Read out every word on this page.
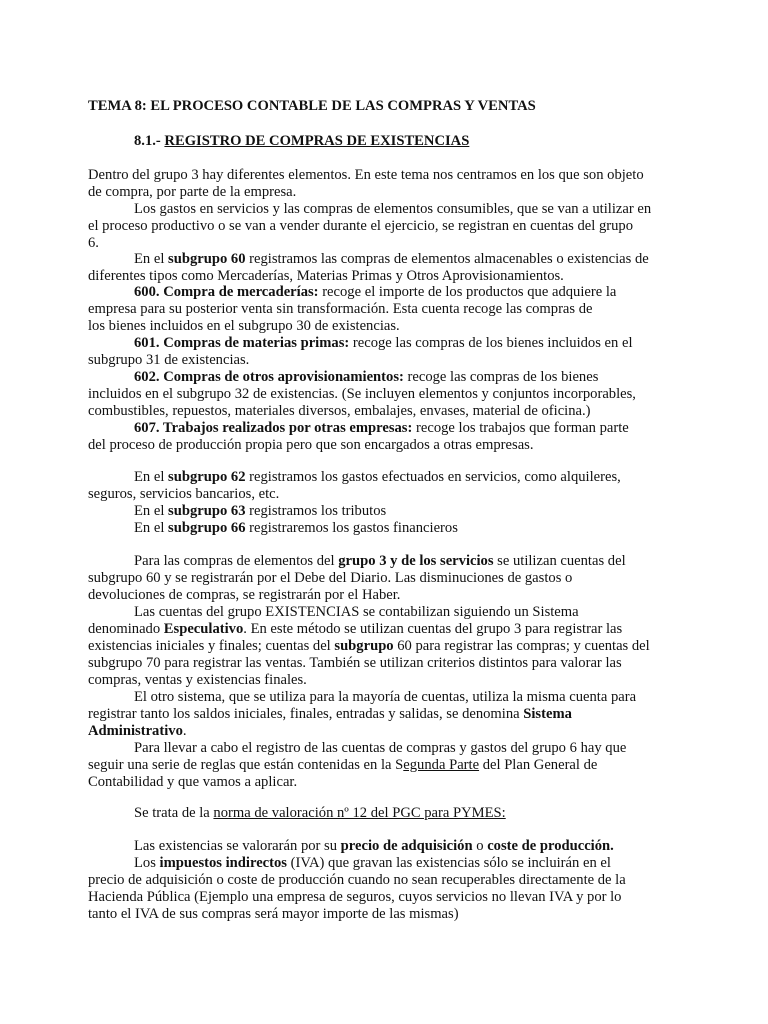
TEMA 8: EL PROCESO CONTABLE DE LAS COMPRAS Y VENTAS
8.1.- REGISTRO DE COMPRAS DE EXISTENCIAS
Dentro del grupo 3 hay diferentes elementos. En este tema nos centramos en los que son objeto
de compra, por parte de la empresa.
Los gastos en servicios y las compras de elementos consumibles, que se van a utilizar en
el proceso productivo o se van a vender durante el ejercicio, se registran en cuentas del grupo
6.
En el subgrupo 60 registramos las compras de elementos almacenables o existencias de
diferentes tipos como Mercaderías, Materias Primas y Otros Aprovisionamientos.
600. Compra de mercaderías: recoge el importe de los productos que adquiere la
empresa para su posterior venta sin transformación. Esta cuenta recoge las compras de
los bienes incluidos en el subgrupo 30 de existencias.
601. Compras de materias primas: recoge las compras de los bienes incluidos en el
subgrupo 31 de existencias.
602. Compras de otros aprovisionamientos: recoge las compras de los bienes
incluidos en el subgrupo 32 de existencias. (Se incluyen elementos y conjuntos incorporables,
combustibles, repuestos, materiales diversos, embalajes, envases, material de oficina.)
607. Trabajos realizados por otras empresas: recoge los trabajos que forman parte
del proceso de producción propia pero que son encargados a otras empresas.
En el subgrupo 62 registramos los gastos efectuados en servicios, como alquileres,
seguros, servicios bancarios, etc.
En el subgrupo 63 registramos los tributos
En el subgrupo 66 registraremos los gastos financieros
Para las compras de elementos del grupo 3 y de los servicios se utilizan cuentas del
subgrupo 60 y se registrarán por el Debe del Diario. Las disminuciones de gastos o
devoluciones de compras, se registrarán por el Haber.
Las cuentas del grupo EXISTENCIAS se contabilizan siguiendo un Sistema
denominado Especulativo. En este método se utilizan cuentas del grupo 3 para registrar las
existencias iniciales y finales; cuentas del subgrupo 60 para registrar las compras; y cuentas del
subgrupo 70 para registrar las ventas. También se utilizan criterios distintos para valorar las
compras, ventas y existencias finales.
El otro sistema, que se utiliza para la mayoría de cuentas, utiliza la misma cuenta para
registrar tanto los saldos iniciales, finales, entradas y salidas, se denomina Sistema
Administrativo.
Para llevar a cabo el registro de las cuentas de compras y gastos del grupo 6 hay que
seguir una serie de reglas que están contenidas en la Segunda Parte del Plan General de
Contabilidad y que vamos a aplicar.
Se trata de la norma de valoración nº 12 del PGC para PYMES:
Las existencias se valorarán por su precio de adquisición o coste de producción.
Los impuestos indirectos (IVA) que gravan las existencias sólo se incluirán en el
precio de adquisición o coste de producción cuando no sean recuperables directamente de la
Hacienda Pública (Ejemplo una empresa de seguros, cuyos servicios no llevan IVA y por lo
tanto el IVA de sus compras será mayor importe de las mismas)
